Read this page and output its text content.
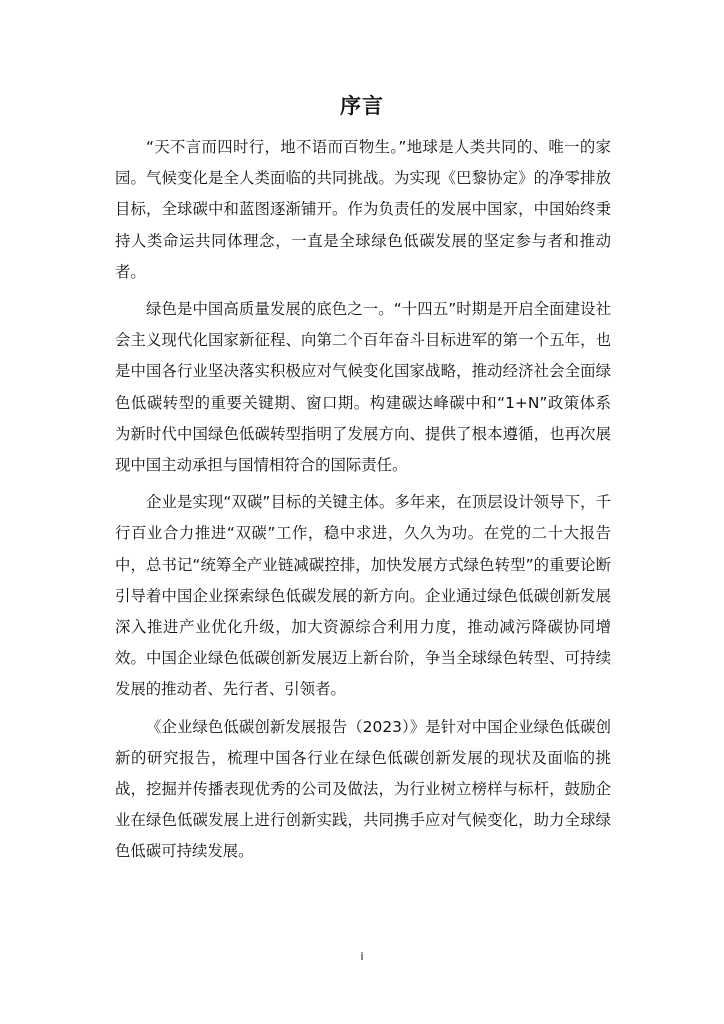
序言

“天不言而四时行，地不语而百物生。”地球是人类共同的、唯一的家园。气候变化是全人类面临的共同挑战。为实现《巴黎协定》的净零排放目标，全球碳中和蓝图逐渐铺开。作为负责任的发展中国家，中国始终秉持人类命运共同体理念，一直是全球绿色低碳发展的坚定参与者和推动者。

绿色是中国高质量发展的底色之一。“十四五”时期是开启全面建设社会主义现代化国家新征程、向第二个百年奋斗目标进军的第一个五年，也是中国各行业坚决落实积极应对气候变化国家战略，推动经济社会全面绿色低碳转型的重要关键期、窗口期。构建碳达峰碳中和“1+N”政策体系为新时代中国绿色低碳转型指明了发展方向、提供了根本遵循，也再次展现中国主动承担与国情相符合的国际责任。

企业是实现“双碳”目标的关键主体。多年来，在顶层设计领导下，千行百业合力推进“双碳”工作，稳中求进，久久为功。在党的二十大报告中，总书记“统筹全产业链减碳控排，加快发展方式绿色转型”的重要论断引导着中国企业探索绿色低碳发展的新方向。企业通过绿色低碳创新发展深入推进产业优化升级，加大资源综合利用力度，推动减污降碳协同增效。中国企业绿色低碳创新发展迈上新台阶，争当全球绿色转型、可持续发展的推动者、先行者、引领者。

《企业绿色低碳创新发展报告（2023）》是针对中国企业绿色低碳创新的研究报告，梳理中国各行业在绿色低碳创新发展的现状及面临的挑战，挖掘并传播表现优秀的公司及做法，为行业树立榜样与标杆，鼓励企业在绿色低碳发展上进行创新实践，共同携手应对气候变化，助力全球绿色低碳可持续发展。

i
